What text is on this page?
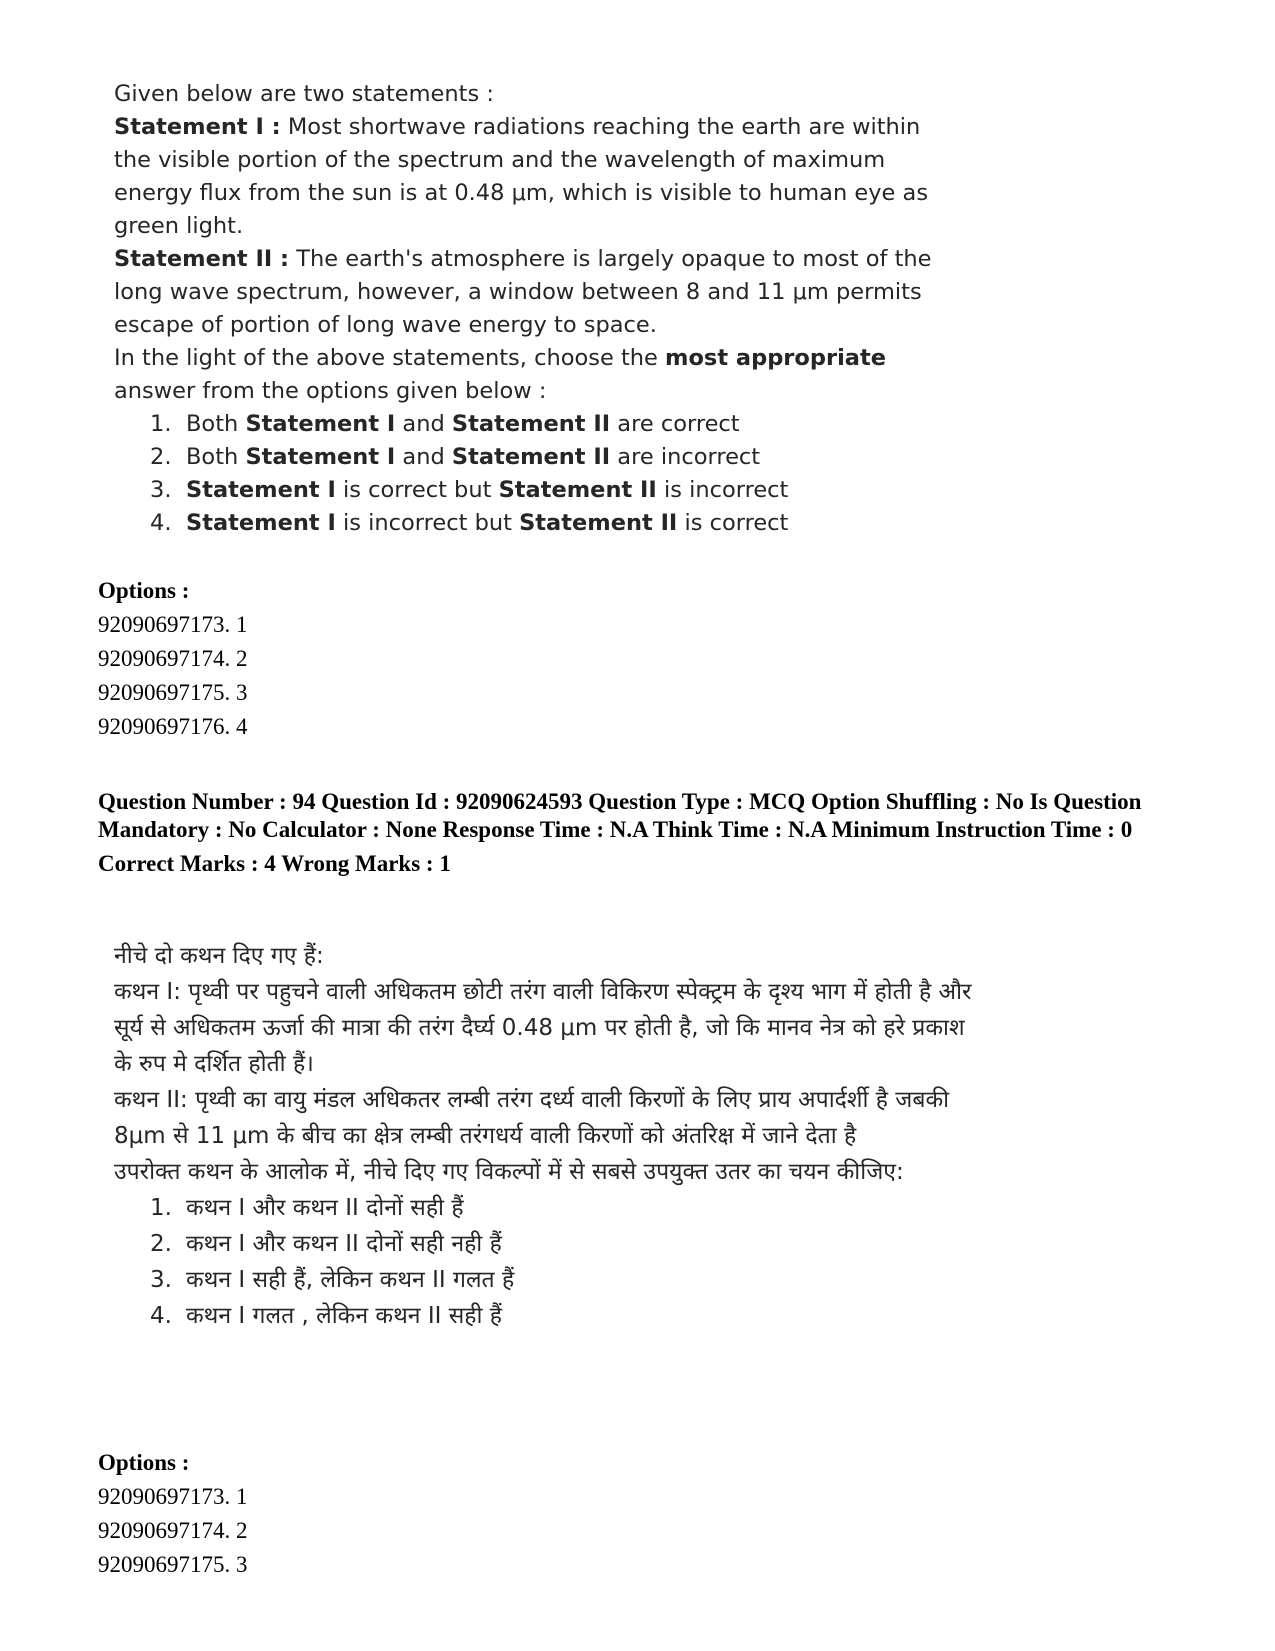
Given below are two statements :

Statement I : Most shortwave radiations reaching the earth are within the visible portion of the spectrum and the wavelength of maximum energy flux from the sun is at 0.48 μm, which is visible to human eye as green light.

Statement II : The earth's atmosphere is largely opaque to most of the long wave spectrum, however, a window between 8 and 11 μm permits escape of portion of long wave energy to space.

In the light of the above statements, choose the most appropriate answer from the options given below :

1. Both Statement I and Statement II are correct
2. Both Statement I and Statement II are incorrect
3. Statement I is correct but Statement II is incorrect
4. Statement I is incorrect but Statement II is correct
Options :
92090697173. 1
92090697174. 2
92090697175. 3
92090697176. 4
Question Number : 94 Question Id : 92090624593 Question Type : MCQ Option Shuffling : No Is Question Mandatory : No Calculator : None Response Time : N.A Think Time : N.A Minimum Instruction Time : 0
Correct Marks : 4 Wrong Marks : 1

नीचे दो कथन दिए गए हैं:

कथन I: पृथ्वी पर पहुचने वाली अधिकतम छोटी तरंग वाली विकिरण स्पेक्ट्रम के दृश्य भाग में होती है और सूर्य से अधिकतम ऊर्जा की मात्रा की तरंग दैर्घ्य 0.48 μm पर होती है, जो कि मानव नेत्र को हरे प्रकाश के रुप मे दर्शित होती हैं।

कथन II: पृथ्वी का वायु मंडल अधिकतर लम्बी तरंग दर्ध्य वाली किरणों के लिए प्राय अपार्दर्शी है जबकी 8μm से 11 μm के बीच का क्षेत्र लम्बी तरंगधर्य वाली किरणों को अंतरिक्ष में जाने देता है

उपरोक्त कथन के आलोक में, नीचे दिए गए विकल्पों में से सबसे उपयुक्त उतर का चयन कीजिए:

1. कथन I और कथन II दोनों सही हैं
2. कथन I और कथन II दोनों सही नही हैं
3. कथन I सही हैं, लेकिन कथन II गलत हैं
4. कथन I गलत , लेकिन कथन II सही हैं
Options :
92090697173. 1
92090697174. 2
92090697175. 3
